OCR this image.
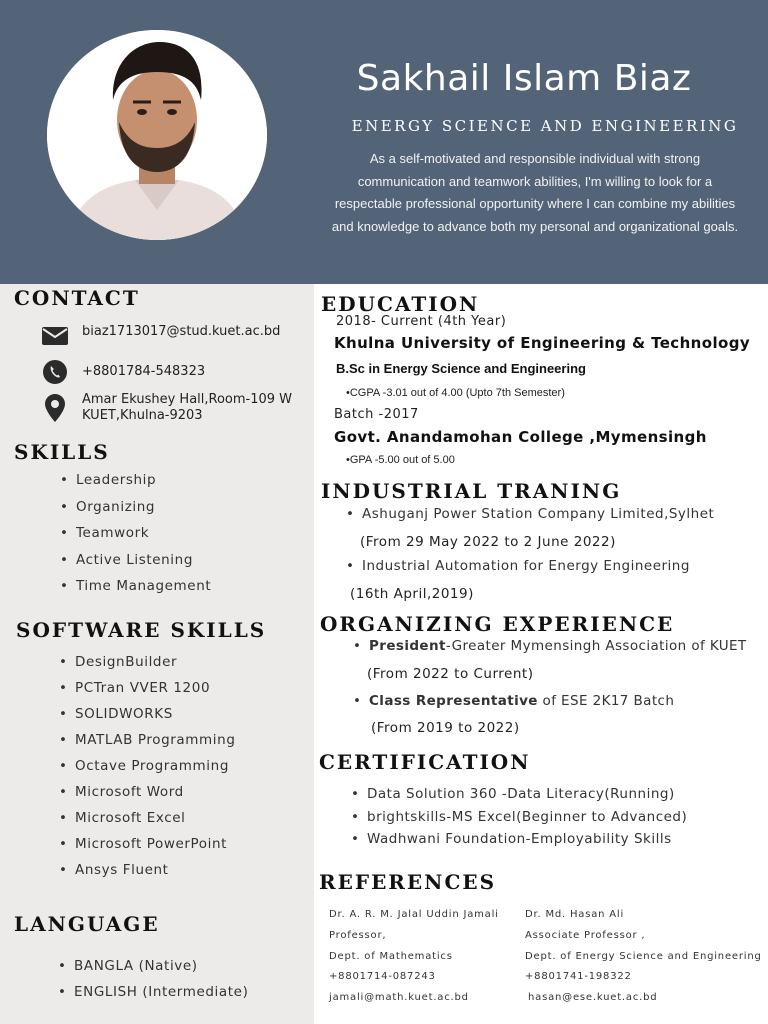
Sakhail Islam Biaz
ENERGY SCIENCE AND ENGINEERING
As a self-motivated and responsible individual with strong communication and teamwork abilities, I'm willing to look for a respectable professional opportunity where I can combine my abilities and knowledge to advance both my personal and organizational goals.
CONTACT
biaz1713017@stud.kuet.ac.bd
+8801784-548323
Amar Ekushey Hall,Room-109 W
KUET,Khulna-9203
SKILLS
• Leadership
• Organizing
• Teamwork
• Active Listening
• Time Management
SOFTWARE SKILLS
• DesignBuilder
• PCTran VVER 1200
• SOLIDWORKS
• MATLAB Programming
• Octave Programming
• Microsoft Word
• Microsoft Excel
• Microsoft PowerPoint
• Ansys Fluent
LANGUAGE
• BANGLA (Native)
• ENGLISH (Intermediate)
EDUCATION
2018- Current (4th Year)
Khulna University of Engineering & Technology
B.Sc in Energy Science and Engineering
•CGPA -3.01 out of 4.00 (Upto 7th Semester)
Batch -2017
Govt. Anandamohan College ,Mymensingh
•GPA -5.00 out of 5.00
INDUSTRIAL TRANING
• Ashuganj Power Station Company Limited,Sylhet
(From 29 May 2022 to 2 June 2022)
• Industrial Automation for Energy Engineering
(16th April,2019)
ORGANIZING EXPERIENCE
• President-Greater Mymensingh Association of KUET
(From 2022 to Current)
• Class Representative of ESE 2K17 Batch
(From 2019 to 2022)
CERTIFICATION
• Data Solution 360 -Data Literacy(Running)
• brightskills-MS Excel(Beginner to Advanced)
• Wadhwani Foundation-Employability Skills
REFERENCES
Dr. A. R. M. Jalal Uddin Jamali
Professor,
Dept. of Mathematics
+8801714-087243
jamali@math.kuet.ac.bd
Dr. Md. Hasan Ali
Associate Professor ,
Dept. of Energy Science and Engineering
+8801741-198322
hasan@ese.kuet.ac.bd
